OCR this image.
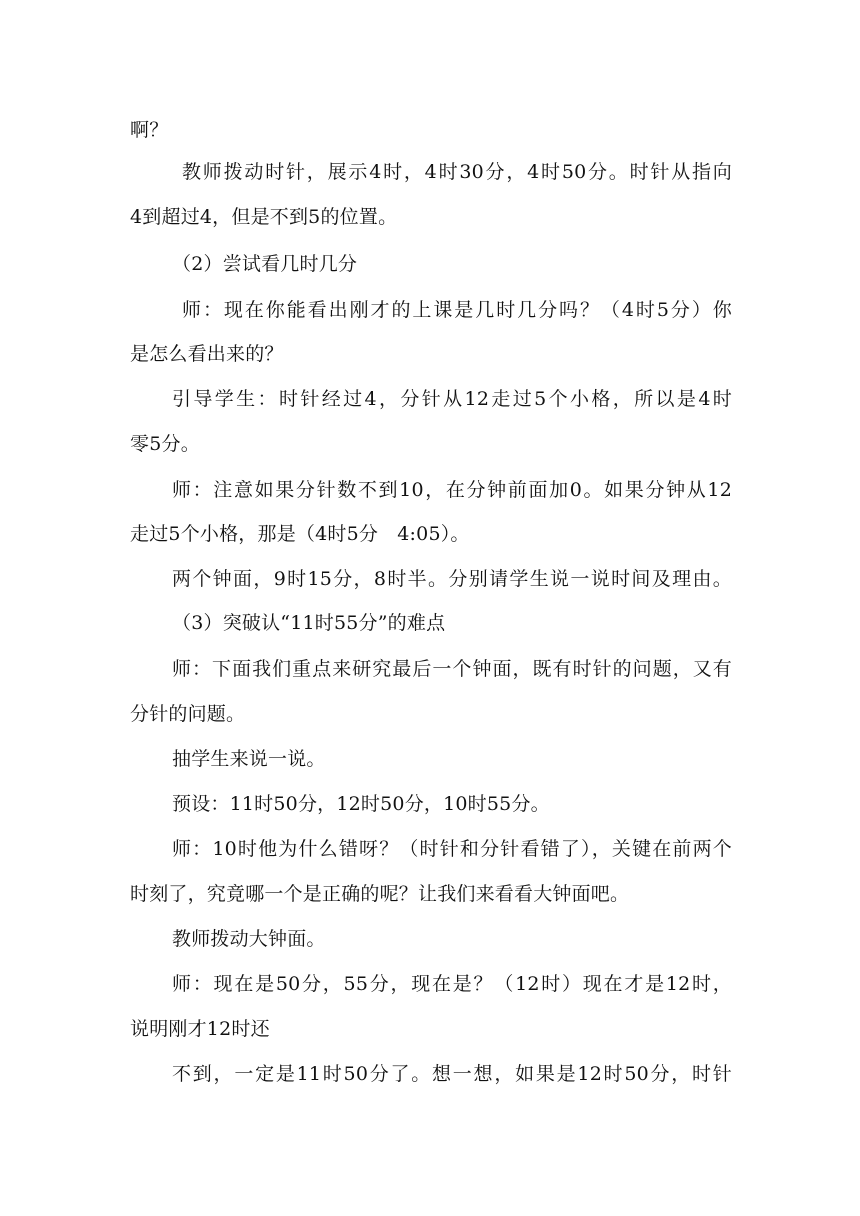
啊？
教师拨动时针，展示4时，4时30分，4时50分。时针从指向
4到超过4，但是不到5的位置。
（2）尝试看几时几分
师：现在你能看出刚才的上课是几时几分吗？（4时5分）你
是怎么看出来的？
引导学生：时针经过4，分针从12走过5个小格，所以是4时
零5分。
师：注意如果分针数不到10，在分钟前面加0。如果分钟从12
走过5个小格，那是（4时5分　4:05）。
两个钟面，9时15分，8时半。分别请学生说一说时间及理由。
（3）突破认“11时55分”的难点
师：下面我们重点来研究最后一个钟面，既有时针的问题，又有
分针的问题。
抽学生来说一说。
预设：11时50分，12时50分，10时55分。
师：10时他为什么错呀？（时针和分针看错了），关键在前两个
时刻了，究竟哪一个是正确的呢？让我们来看看大钟面吧。
教师拨动大钟面。
师：现在是50分，55分，现在是？（12时）现在才是12时，
说明刚才12时还
不到，一定是11时50分了。想一想，如果是12时50分，时针
